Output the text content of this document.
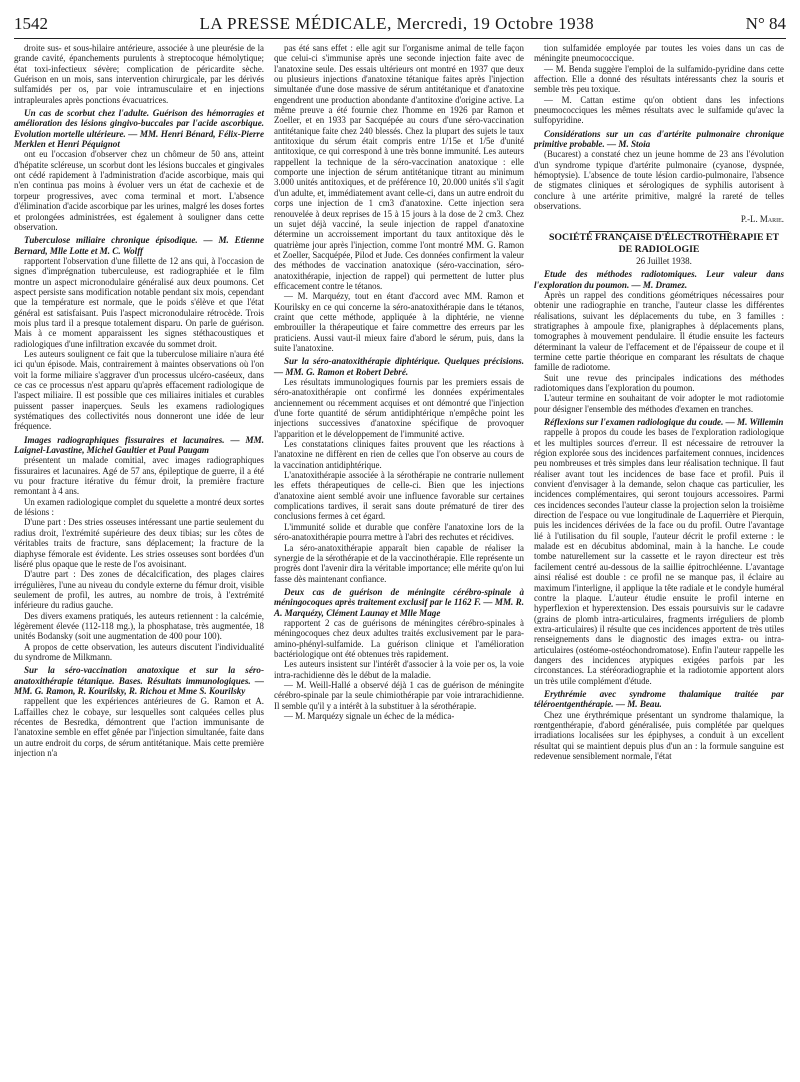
1542	LA PRESSE MÉDICALE, Mercredi, 19 Octobre 1938	N° 84

droite sus- et sous-hilaire antérieure, associée à une pleurésie de la grande cavité, épanchements purulents à streptocoque hémolytique; état toxi-infectieux sévère; complication de péricardite sèche. Guérison en un mois, sans intervention chirurgicale, par les dérivés sulfamidés per os, par voie intramusculaire et en injections intrapleurales après ponctions évacuatrices.

Un cas de scorbut chez l'adulte. Guérison des hémorragies et amélioration des lésions gingivo-buccales par l'acide ascorbique. Evolution mortelle ultérieure. — MM. Henri Bénard, Félix-Pierre Merklen et Henri Péquignot

ont eu l'occasion d'observer chez un chômeur de 50 ans, atteint d'hépatite scléreuse, un scorbut dont les lésions buccales et gingivales ont cédé rapidement à l'administration d'acide ascorbique, mais qui n'en continua pas moins à évoluer vers un état de cachexie et de torpeur progressives, avec coma terminal et mort. L'absence d'élimination d'acide ascorbique par les urines, malgré les doses fortes et prolongées administrées, est également à souligner dans cette observation.

Tuberculose miliaire chronique épisodique. — M. Etienne Bernard, Mlle Lotte et M. C. Wolff

rapportent l'observation d'une fillette de 12 ans qui, à l'occasion de signes d'imprégnation tuberculeuse, est radiographiée et le film montre un aspect micronodulaire généralisé aux deux poumons. Cet aspect persiste sans modification notable pendant six mois, cependant que la température est normale, que le poids s'élève et que l'état général est satisfaisant. Puis l'aspect micronodulaire rétrocède. Trois mois plus tard il a presque totalement disparu. On parle de guérison. Mais à ce moment apparaissent les signes stéthacoustiques et radiologiques d'une infiltration excavée du sommet droit.

Les auteurs soulignent ce fait que la tuberculose miliaire n'aura été ici qu'un épisode. Mais, contrairement à maintes observations où l'on voit la forme miliaire s'aggraver d'un processus ulcéro-caséeux, dans ce cas ce processus n'est apparu qu'après effacement radiologique de l'aspect miliaire. Il est possible que ces miliaires initiales et curables puissent passer inaperçues. Seuls les examens radiologiques systématiques des collectivités nous donneront une idée de leur fréquence.

Images radiographiques fissuraires et lacunaires. — MM. Laignel-Lavastine, Michel Gaultier et Paul Paugam

présentent un malade comitial, avec images radiographiques fissuraires et lacunaires. Agé de 57 ans, épileptique de guerre, il a été vu pour fracture itérative du fémur droit, la première fracture remontant à 4 ans.

Un examen radiologique complet du squelette a montré deux sortes de lésions :

D'une part : Des stries osseuses intéressant une partie seulement du radius droit, l'extrémité supérieure des deux tibias; sur les côtes de véritables traits de fracture, sans déplacement; la fracture de la diaphyse fémorale est évidente. Les stries osseuses sont bordées d'un liséré plus opaque que le reste de l'os avoisinant.

D'autre part : Des zones de décalcification, des plages claires irrégulières, l'une au niveau du condyle externe du fémur droit, visible seulement de profil, les autres, au nombre de trois, à l'extrémité inférieure du radius gauche.

Des divers examens pratiqués, les auteurs retiennent : la calcémie, légèrement élevée (112-118 mg.), la phosphatase, très augmentée, 18 unités Bodansky (soit une augmentation de 400 pour 100).

A propos de cette observation, les auteurs discutent l'individualité du syndrome de Milkmann.

Sur la séro-vaccination anatoxique et sur la séro-anatoxithérapie tétanique. Bases. Résultats immunologiques. — MM. G. Ramon, R. Kourilsky, R. Richou et Mme S. Kourilsky

rappellent que les expériences antérieures de G. Ramon et A. Laffailles chez le cobaye, sur lesquelles sont calquées celles plus récentes de Besredka, démontrent que l'action immunisante de l'anatoxine semble en effet gênée par l'injection simultanée, faite dans un autre endroit du corps, de sérum antitétanique. Mais cette première injection n'a

pas été sans effet : elle agit sur l'organisme animal de telle façon que celui-ci s'immunise après une seconde injection faite avec de l'anatoxine seule. Des essais ultérieurs ont montré en 1937 que deux ou plusieurs injections d'anatoxine tétanique faites après l'injection simultanée d'une dose massive de sérum antitétanique et d'anatoxine engendrent une production abondante d'antitoxine d'origine active. La même preuve a été fournie chez l'homme en 1926 par Ramon et Zoeller, et en 1933 par Sacquépée au cours d'une séro-vaccination antitétanique faite chez 240 blessés. Chez la plupart des sujets le taux antitoxique du sérum était compris entre 1/15e et 1/5e d'unité antitoxique, ce qui correspond à une très bonne immunité. Les auteurs rappellent la technique de la séro-vaccination anatoxique : elle comporte une injection de sérum antitétanique titrant au minimum 3.000 unités antitoxiques, et de préférence 10, 20.000 unités s'il s'agit d'un adulte, et, immédiatement avant celle-ci, dans un autre endroit du corps une injection de 1 cm3 d'anatoxine. Cette injection sera renouvelée à deux reprises de 15 à 15 jours à la dose de 2 cm3. Chez un sujet déjà vacciné, la seule injection de rappel d'anatoxine détermine un accroissement important du taux antitoxique dès le quatrième jour après l'injection, comme l'ont montré MM. G. Ramon et Zoeller, Sacquépée, Pilod et Jude. Ces données confirment la valeur des méthodes de vaccination anatoxique (séro-vaccination, séro-anatoxithérapie, injection de rappel) qui permettent de lutter plus efficacement contre le tétanos.

— M. Marquézy, tout en étant d'accord avec MM. Ramon et Kourilsky en ce qui concerne la séro-anatoxithérapie dans le tétanos, craint que cette méthode, appliquée à la diphtérie, ne vienne embrouiller la thérapeutique et faire commettre des erreurs par les praticiens. Aussi vaut-il mieux faire d'abord le sérum, puis, dans la suite l'anatoxine.

Sur la séro-anatoxithérapie diphtérique. Quelques précisions. — MM. G. Ramon et Robert Debré.

Les résultats immunologiques fournis par les premiers essais de séro-anatoxithérapie ont confirmé les données expérimentales anciennement ou récemment acquises et ont démontré que l'injection d'une forte quantité de sérum antidiphtérique n'empêche point les injections successives d'anatoxine spécifique de provoquer l'apparition et le développement de l'immunité active.

Les constatations cliniques faites prouvent que les réactions à l'anatoxine ne diffèrent en rien de celles que l'on observe au cours de la vaccination antidiphtérique.

L'anatoxithérapie associée à la sérothérapie ne contrarie nullement les effets thérapeutiques de celle-ci. Bien que les injections d'anatoxine aient semblé avoir une influence favorable sur certaines complications tardives, il serait sans doute prématuré de tirer des conclusions fermes à cet égard.

L'immunité solide et durable que confère l'anatoxine lors de la séro-anatoxithérapie pourra mettre à l'abri des rechutes et récidives.

La séro-anatoxithérapie apparaît bien capable de réaliser la synergie de la sérothérapie et de la vaccinothérapie. Elle représente un progrès dont l'avenir dira la véritable importance; elle mérite qu'on lui fasse dès maintenant confiance.

Deux cas de guérison de méningite cérébro-spinale à méningocoques après traitement exclusif par le 1162 F. — MM. R. A. Marquézy, Clément Launay et Mlle Mage

rapportent 2 cas de guérisons de méningites cérébro-spinales à méningocoques chez deux adultes traités exclusivement par le para-amino-phényl-sulfamide. La guérison clinique et l'amélioration bactériologique ont été obtenues très rapidement.

Les auteurs insistent sur l'intérêt d'associer à la voie per os, la voie intra-rachidienne dès le début de la maladie.

— M. Weill-Hallé a observé déjà 1 cas de guérison de méningite cérébro-spinale par la seule chimiothérapie par voie intrarachidienne. Il semble qu'il y a intérêt à la substituer à la sérothérapie.

— M. Marquézy signale un échec de la médica-

tion sulfamidée employée par toutes les voies dans un cas de méningite pneumococcique.

— M. Benda suggère l'emploi de la sulfamido-pyridine dans cette affection. Elle a donné des résultats intéressants chez la souris et semble très peu toxique.

— M. Cattan estime qu'on obtient dans les infections pneumococciques les mêmes résultats avec le sulfamide qu'avec la sulfopyridine.

Considérations sur un cas d'artérite pulmonaire chronique primitive probable. — M. Stoia

(Bucarest) a constaté chez un jeune homme de 23 ans l'évolution d'un syndrome typique d'artérite pulmonaire (cyanose, dyspnée, hémoptysie). L'absence de toute lésion cardio-pulmonaire, l'absence de stigmates cliniques et sérologiques de syphilis autorisent à conclure à une artérite primitive, malgré la rareté de telles observations.

P.-L. Marie.

SOCIÉTÉ FRANÇAISE D'ÉLECTROTHÉRAPIE ET DE RADIOLOGIE

26 Juillet 1938.

Etude des méthodes radiotomiques. Leur valeur dans l'exploration du poumon. — M. Dramez.

Après un rappel des conditions géométriques nécessaires pour obtenir une radiographie en tranche, l'auteur classe les différentes réalisations, suivant les déplacements du tube, en 3 familles : stratigraphes à ampoule fixe, planigraphes à déplacements plans, tomographes à mouvement pendulaire. Il étudie ensuite les facteurs déterminant la valeur de l'effacement et de l'épaisseur de coupe et il termine cette partie théorique en comparant les résultats de chaque famille de radiotome.

Suit une revue des principales indications des méthodes radiotomiques dans l'exploration du poumon.

L'auteur termine en souhaitant de voir adopter le mot radiotomie pour désigner l'ensemble des méthodes d'examen en tranches.

Réflexions sur l'examen radiologique du coude. — M. Willemin

rappelle à propos du coude les bases de l'exploration radiologique et les multiples sources d'erreur. Il est nécessaire de retrouver la région explorée sous des incidences parfaitement connues, incidences peu nombreuses et très simples dans leur réalisation technique. Il faut réaliser avant tout les incidences de base face et profil. Puis il convient d'envisager à la demande, selon chaque cas particulier, les incidences complémentaires, qui seront toujours accessoires. Parmi ces incidences secondes l'auteur classe la projection selon la troisième direction de l'espace ou vue longitudinale de Laquerrière et Pierquin, puis les incidences dérivées de la face ou du profil. Outre l'avantage lié à l'utilisation du fil souple, l'auteur décrit le profil externe : le malade est en décubitus abdominal, main à la hanche. Le coude tombe naturellement sur la cassette et le rayon directeur est très facilement centré au-dessous de la saillie épitrochléenne. L'avantage ainsi réalisé est double : ce profil ne se manque pas, il éclaire au maximum l'interligne, il applique la tête radiale et le condyle huméral contre la plaque. L'auteur étudie ensuite le profil interne en hyperflexion et hyperextension. Des essais poursuivis sur le cadavre (grains de plomb intra-articulaires, fragments irréguliers de plomb extra-articulaires) il résulte que ces incidences apportent de très utiles renseignements dans le diagnostic des images extra- ou intra-articulaires (ostéome-ostéochondromatose). Enfin l'auteur rappelle les dangers des incidences atypiques exigées parfois par les circonstances. La stéréoradiographie et la radiotomie apportent alors un très utile complément d'étude.

Erythrémie avec syndrome thalamique traitée par téléroentgenthérapie. — M. Beau.

Chez une érythrémique présentant un syndrome thalamique, la rœntgenthérapie, d'abord généralisée, puis complétée par quelques irradiations localisées sur les épiphyses, a conduit à un excellent résultat qui se maintient depuis plus d'un an : la formule sanguine est redevenue sensiblement normale, l'état
